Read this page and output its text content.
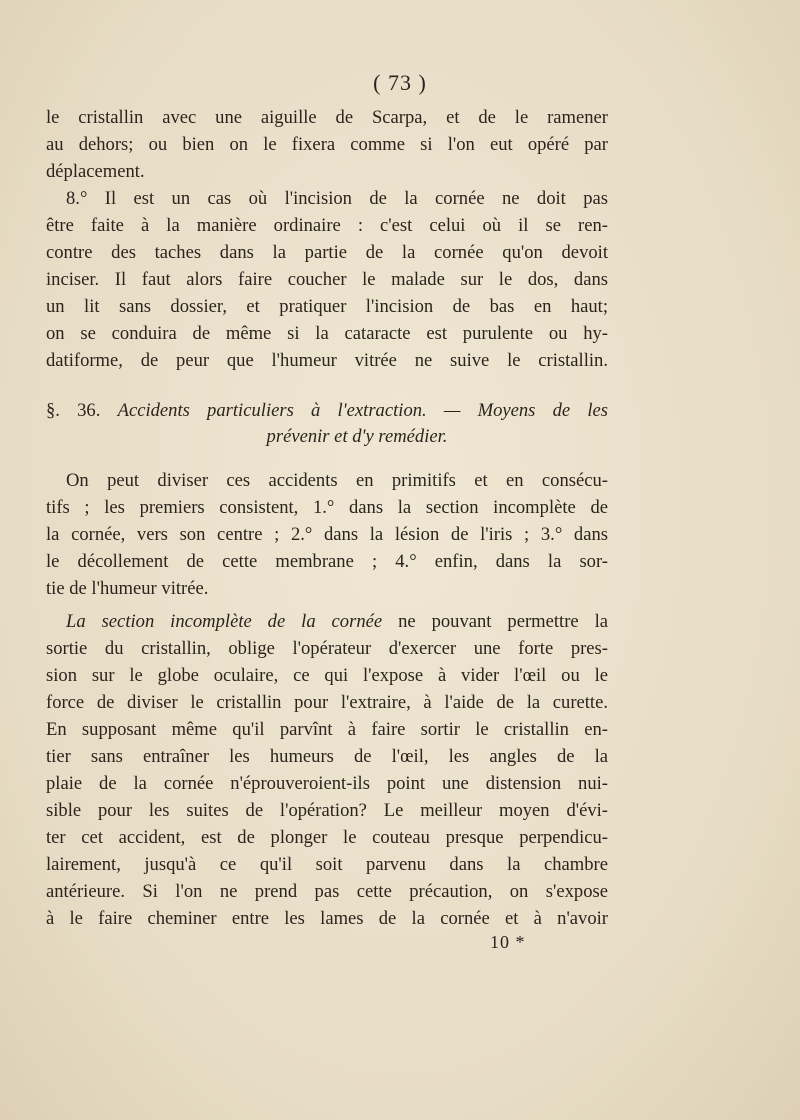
( 73 )
le cristallin avec une aiguille de Scarpa, et de le ramener
au dehors; ou bien on le fixera comme si l'on eut opéré par
déplacement.
8.° Il est un cas où l'incision de la cornée ne doit pas
être faite à la manière ordinaire : c'est celui où il se ren-
contre des taches dans la partie de la cornée qu'on devoit
inciser. Il faut alors faire coucher le malade sur le dos, dans
un lit sans dossier, et pratiquer l'incision de bas en haut;
on se conduira de même si la cataracte est purulente ou hy-
datiforme, de peur que l'humeur vitrée ne suive le cristallin.
§. 36. Accidents particuliers à l'extraction. — Moyens de les
prévenir et d'y remédier.
On peut diviser ces accidents en primitifs et en consécu-
tifs ; les premiers consistent, 1.° dans la section incomplète de
la cornée, vers son centre ; 2.° dans la lésion de l'iris ; 3.° dans
le décollement de cette membrane ; 4.° enfin, dans la sor-
tie de l'humeur vitrée.
La section incomplète de la cornée ne pouvant permettre la
sortie du cristallin, oblige l'opérateur d'exercer une forte pres-
sion sur le globe oculaire, ce qui l'expose à vider l'œil ou le
force de diviser le cristallin pour l'extraire, à l'aide de la curette.
En supposant même qu'il parvînt à faire sortir le cristallin en-
tier sans entraîner les humeurs de l'œil, les angles de la
plaie de la cornée n'éprouveroient-ils point une distension nui-
sible pour les suites de l'opération? Le meilleur moyen d'évi-
ter cet accident, est de plonger le couteau presque perpendicu-
lairement, jusqu'à ce qu'il soit parvenu dans la chambre
antérieure. Si l'on ne prend pas cette précaution, on s'expose
à le faire cheminer entre les lames de la cornée et à n'avoir
10 *
